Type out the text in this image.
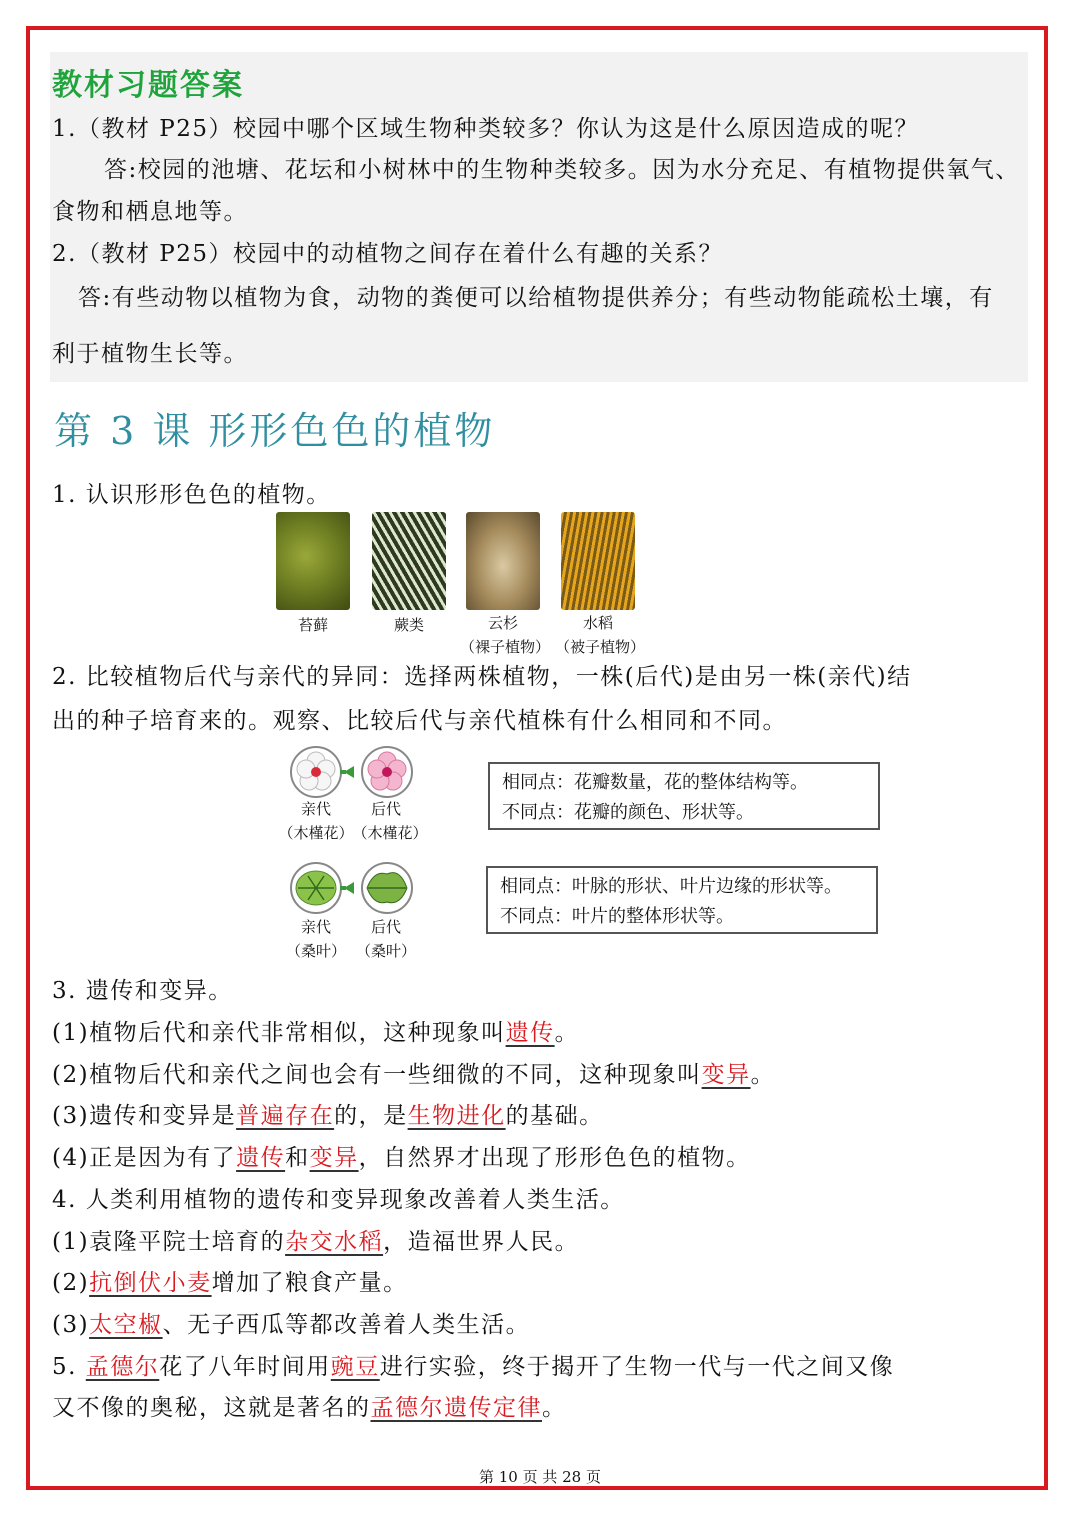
教材习题答案
1.（教材 P25）校园中哪个区域生物种类较多？你认为这是什么原因造成的呢？
答:校园的池塘、花坛和小树林中的生物种类较多。因为水分充足、有植物提供氧气、
食物和栖息地等。
2.（教材 P25）校园中的动植物之间存在着什么有趣的关系？
答:有些动物以植物为食，动物的粪便可以给植物提供养分；有些动物能疏松土壤，有
利于植物生长等。
第 3 课 形形色色的植物
1. 认识形形色色的植物。
苔藓	蕨类	云杉
（裸子植物）
水稻
（被子植物）
2. 比较植物后代与亲代的异同：选择两株植物，一株(后代)是由另一株(亲代)结
出的种子培育来的。观察、比较后代与亲代植株有什么相同和不同。
亲代	后代
（木槿花）
（木槿花）
相同点：花瓣数量，花的整体结构等。
不同点：花瓣的颜色、形状等。
亲代	后代
（桑叶） （桑叶）
相同点：叶脉的形状、叶片边缘的形状等。
不同点：叶片的整体形状等。
3. 遗传和变异。
(1)植物后代和亲代非常相似，这种现象叫遗传。
(2)植物后代和亲代之间也会有一些细微的不同，这种现象叫变异。
(3)遗传和变异是普遍存在的，是生物进化的基础。
(4)正是因为有了遗传和变异，自然界才出现了形形色色的植物。
4. 人类利用植物的遗传和变异现象改善着人类生活。
(1)袁隆平院士培育的杂交水稻，造福世界人民。
(2)抗倒伏小麦增加了粮食产量。
(3)太空椒、无子西瓜等都改善着人类生活。
5. 孟德尔花了八年时间用豌豆进行实验，终于揭开了生物一代与一代之间又像
又不像的奥秘，这就是著名的孟德尔遗传定律。
第 10 页 共 28 页
